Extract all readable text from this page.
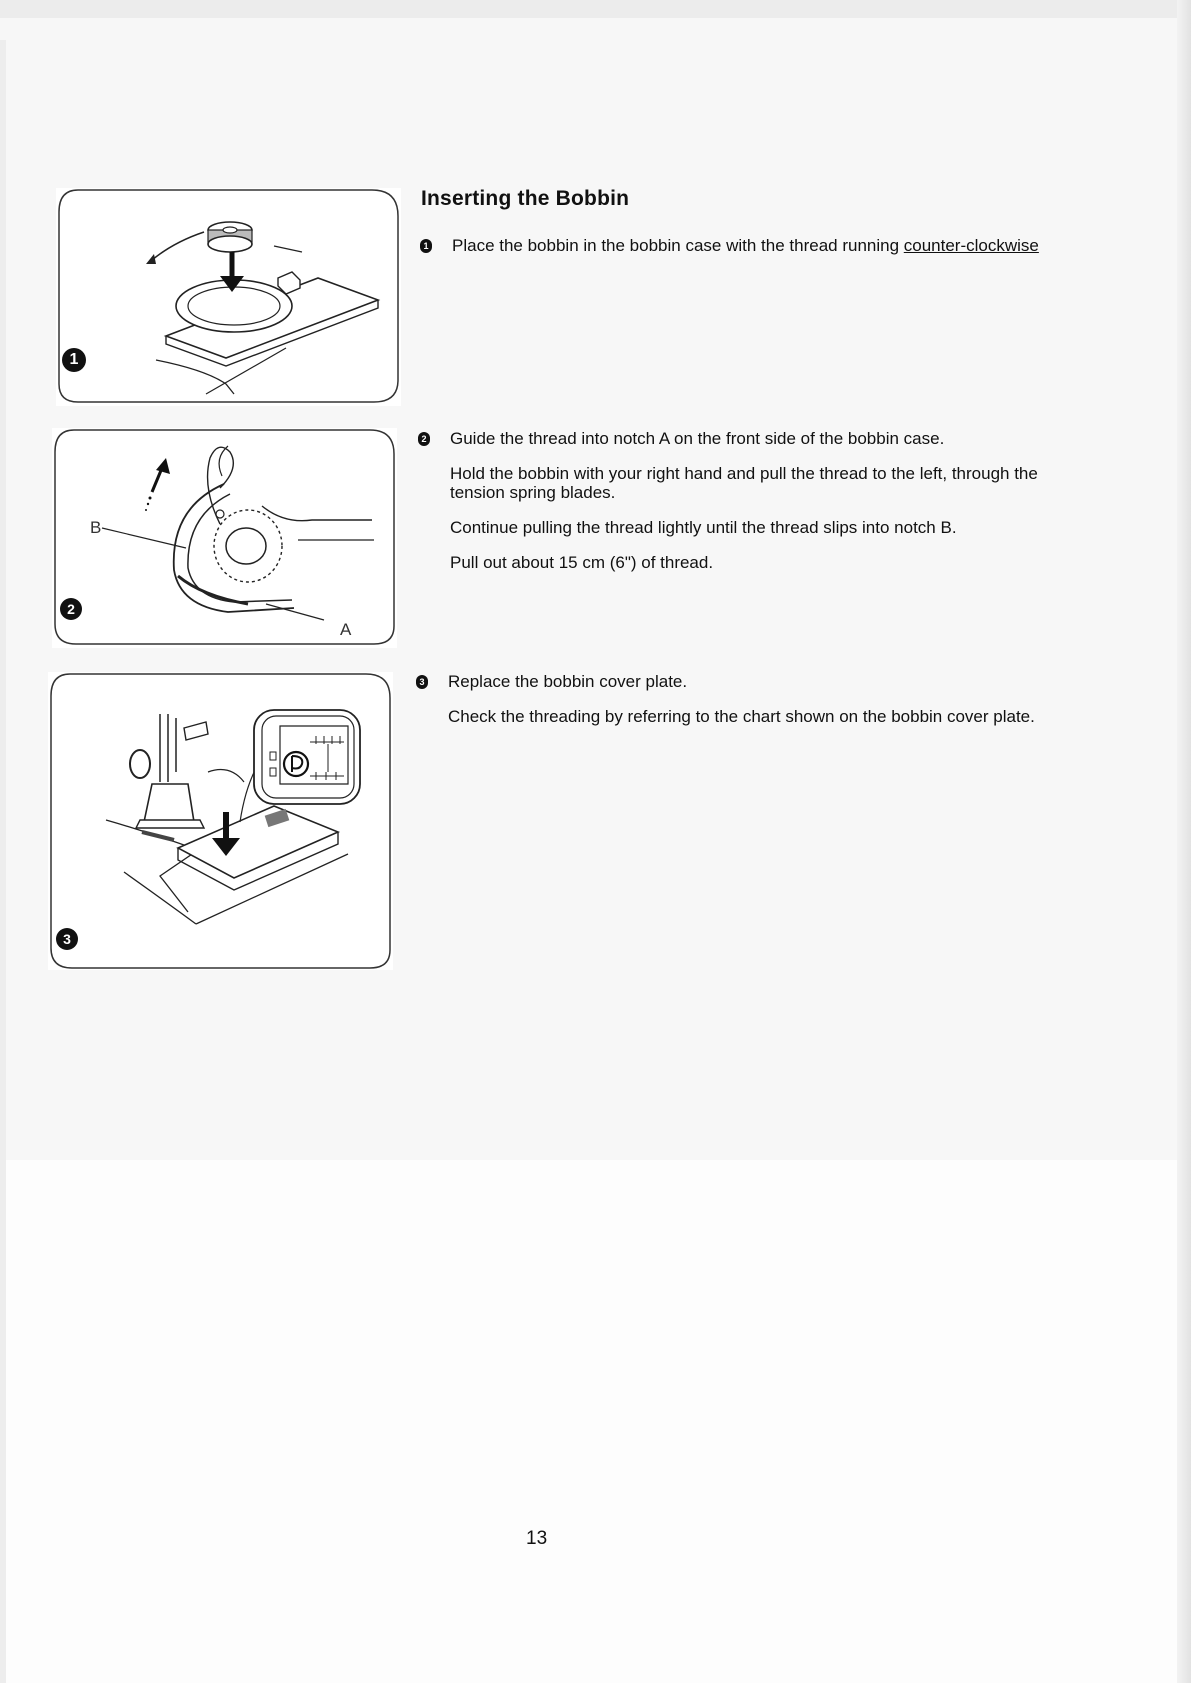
1
B
A
2
3
Inserting the Bobbin
1 Place the bobbin in the bobbin case with the thread running counter-clockwise

2 Guide the thread into notch A on the front side of the bobbin case.

Hold the bobbin with your right hand and pull the thread to the left, through the tension spring blades.

Continue pulling the thread lightly until the thread slips into notch B.

Pull out about 15 cm (6") of thread.

3 Replace the bobbin cover plate.

Check the threading by referring to the chart shown on the bobbin cover plate.

13
